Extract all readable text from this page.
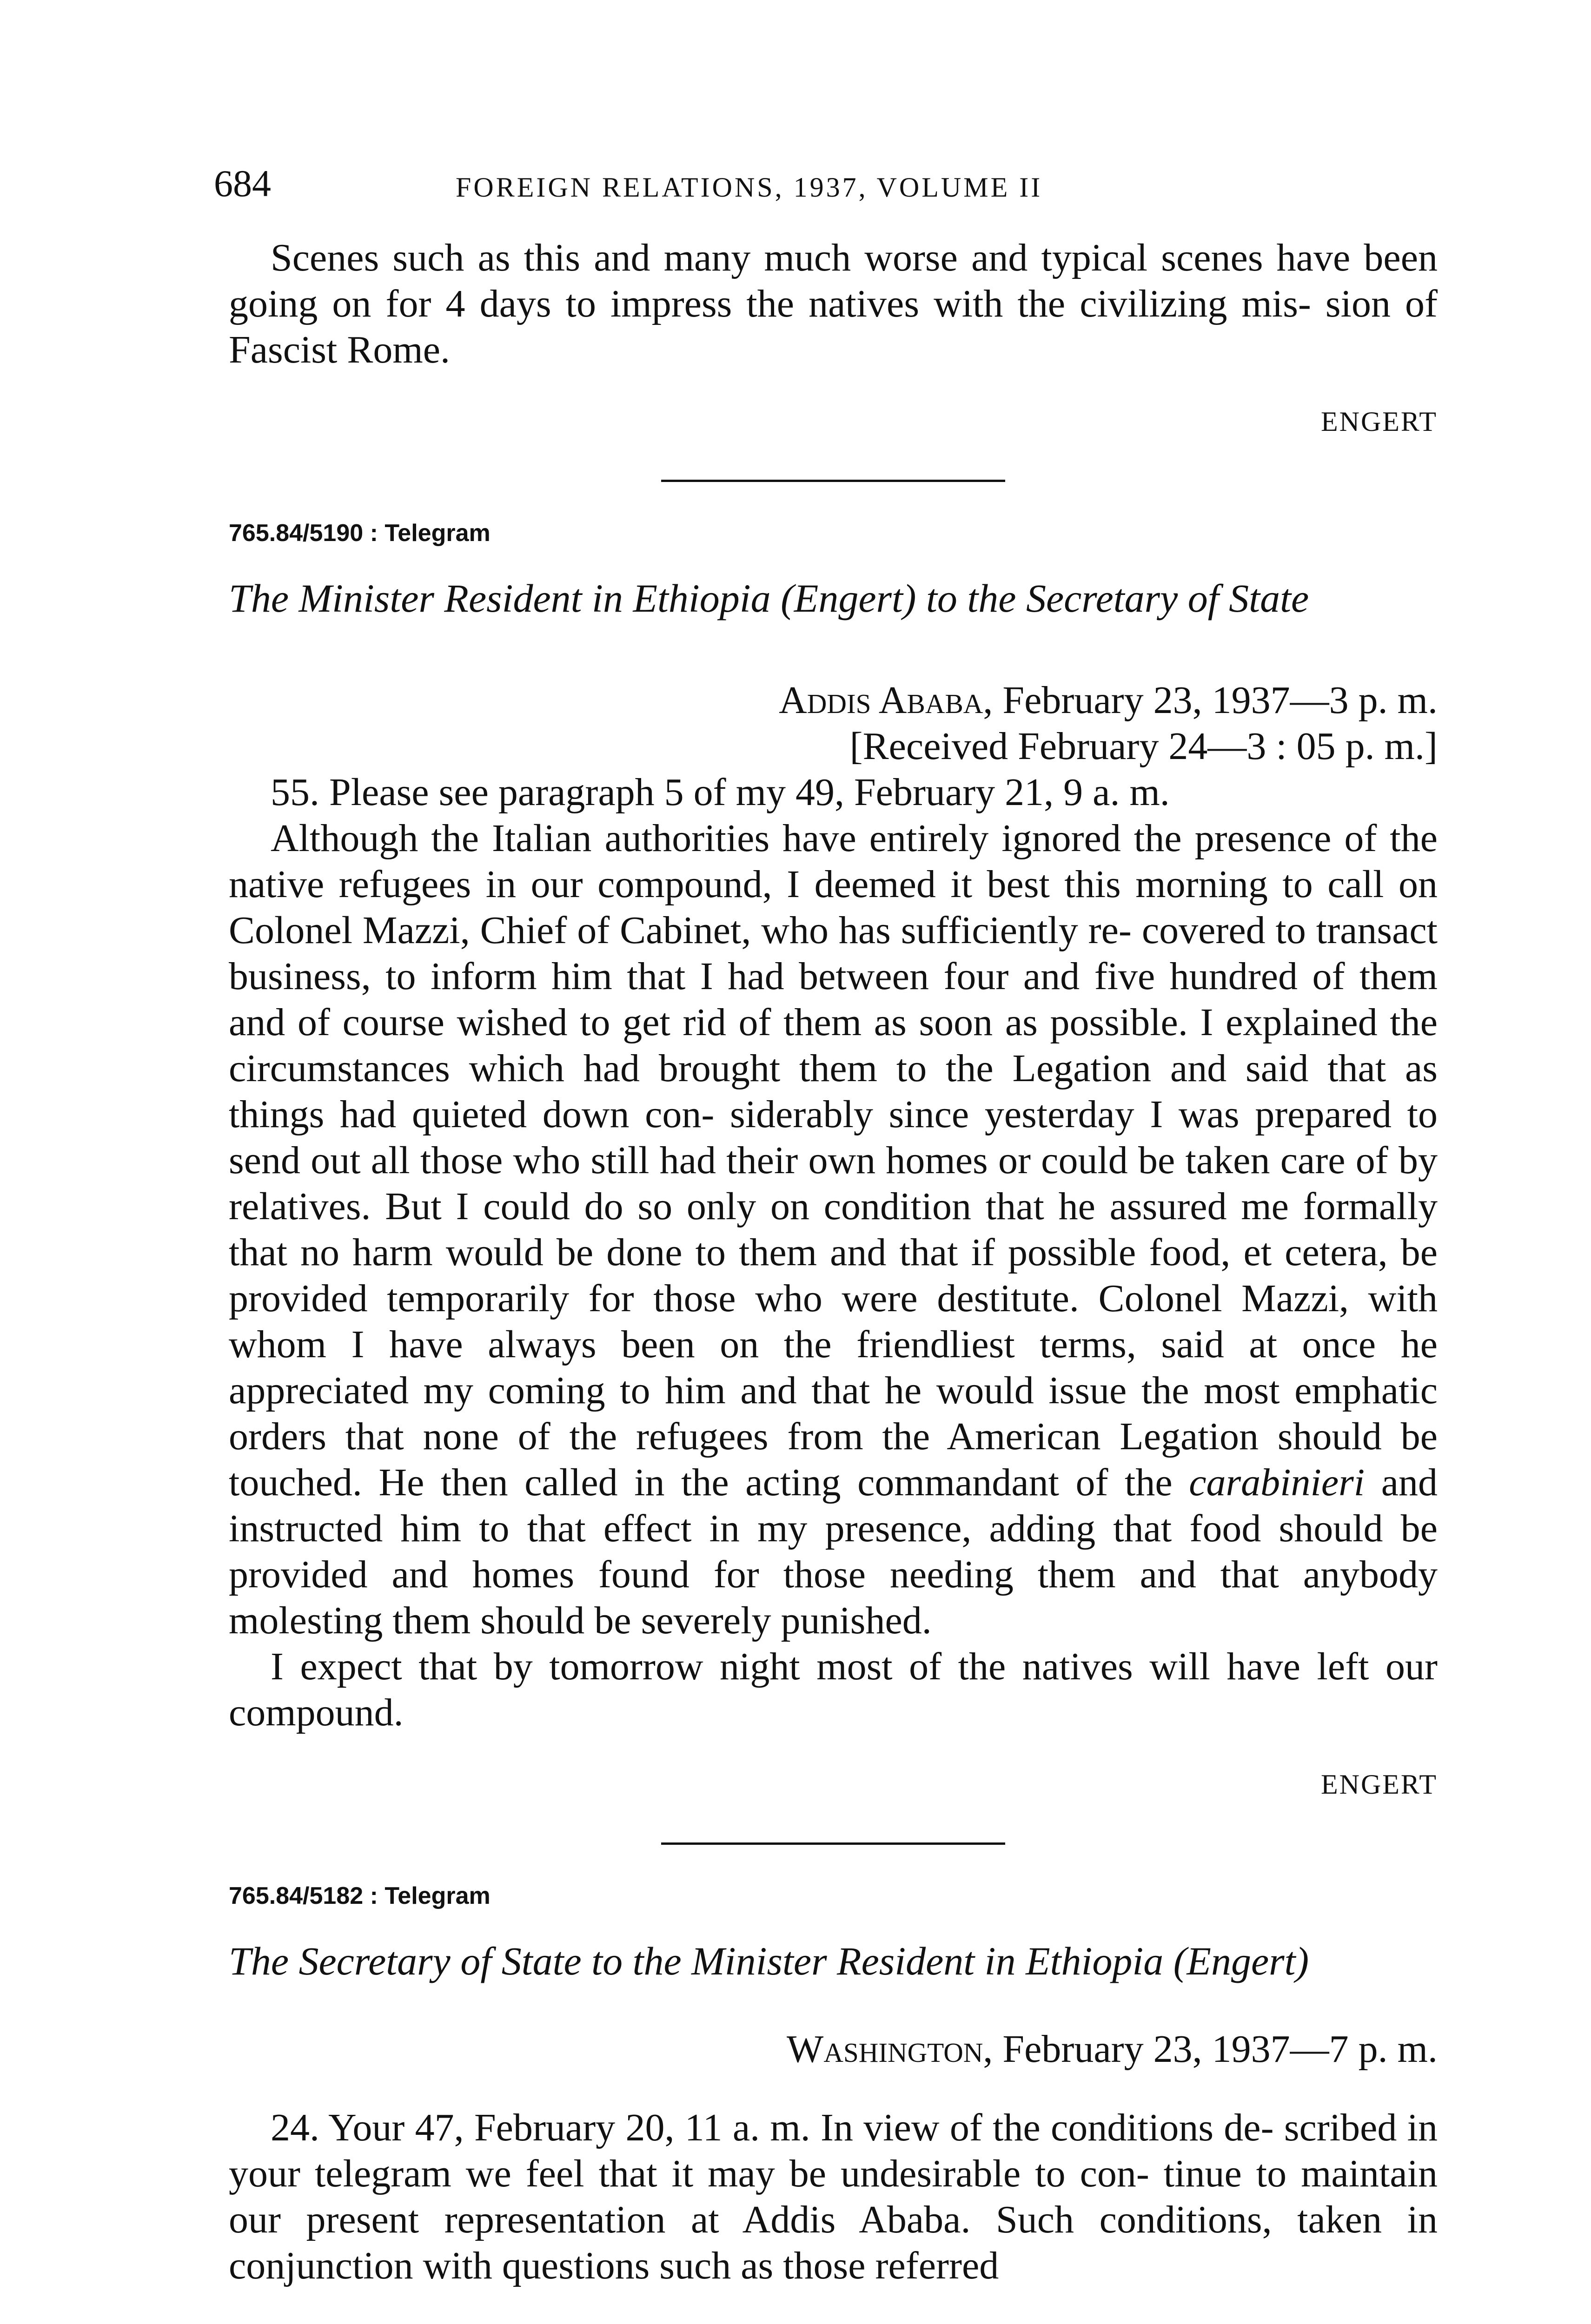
684	FOREIGN RELATIONS, 1937, VOLUME II

Scenes such as this and many much worse and typical scenes have been going on for 4 days to impress the natives with the civilizing mis- sion of Fascist Rome.

ENGERT
765.84/5190 : Telegram
The Minister Resident in Ethiopia (Engert) to the Secretary of State
Addis Ababa, February 23, 1937—3 p. m.
[Received February 24—3 : 05 p. m.]

55. Please see paragraph 5 of my 49, February 21, 9 a. m.

Although the Italian authorities have entirely ignored the presence of the native refugees in our compound, I deemed it best this morning to call on Colonel Mazzi, Chief of Cabinet, who has sufficiently re- covered to transact business, to inform him that I had between four and five hundred of them and of course wished to get rid of them as soon as possible. I explained the circumstances which had brought them to the Legation and said that as things had quieted down con- siderably since yesterday I was prepared to send out all those who still had their own homes or could be taken care of by relatives. But I could do so only on condition that he assured me formally that no harm would be done to them and that if possible food, et cetera, be provided temporarily for those who were destitute. Colonel Mazzi, with whom I have always been on the friendliest terms, said at once he appreciated my coming to him and that he would issue the most emphatic orders that none of the refugees from the American Legation should be touched. He then called in the acting commandant of the carabinieri and instructed him to that effect in my presence, adding that food should be provided and homes found for those needing them and that anybody molesting them should be severely punished.

I expect that by tomorrow night most of the natives will have left our compound.

ENGERT
765.84/5182 : Telegram
The Secretary of State to the Minister Resident in Ethiopia (Engert)
Washington, February 23, 1937—7 p. m.

24. Your 47, February 20, 11 a. m. In view of the conditions de- scribed in your telegram we feel that it may be undesirable to con- tinue to maintain our present representation at Addis Ababa. Such conditions, taken in conjunction with questions such as those referred
